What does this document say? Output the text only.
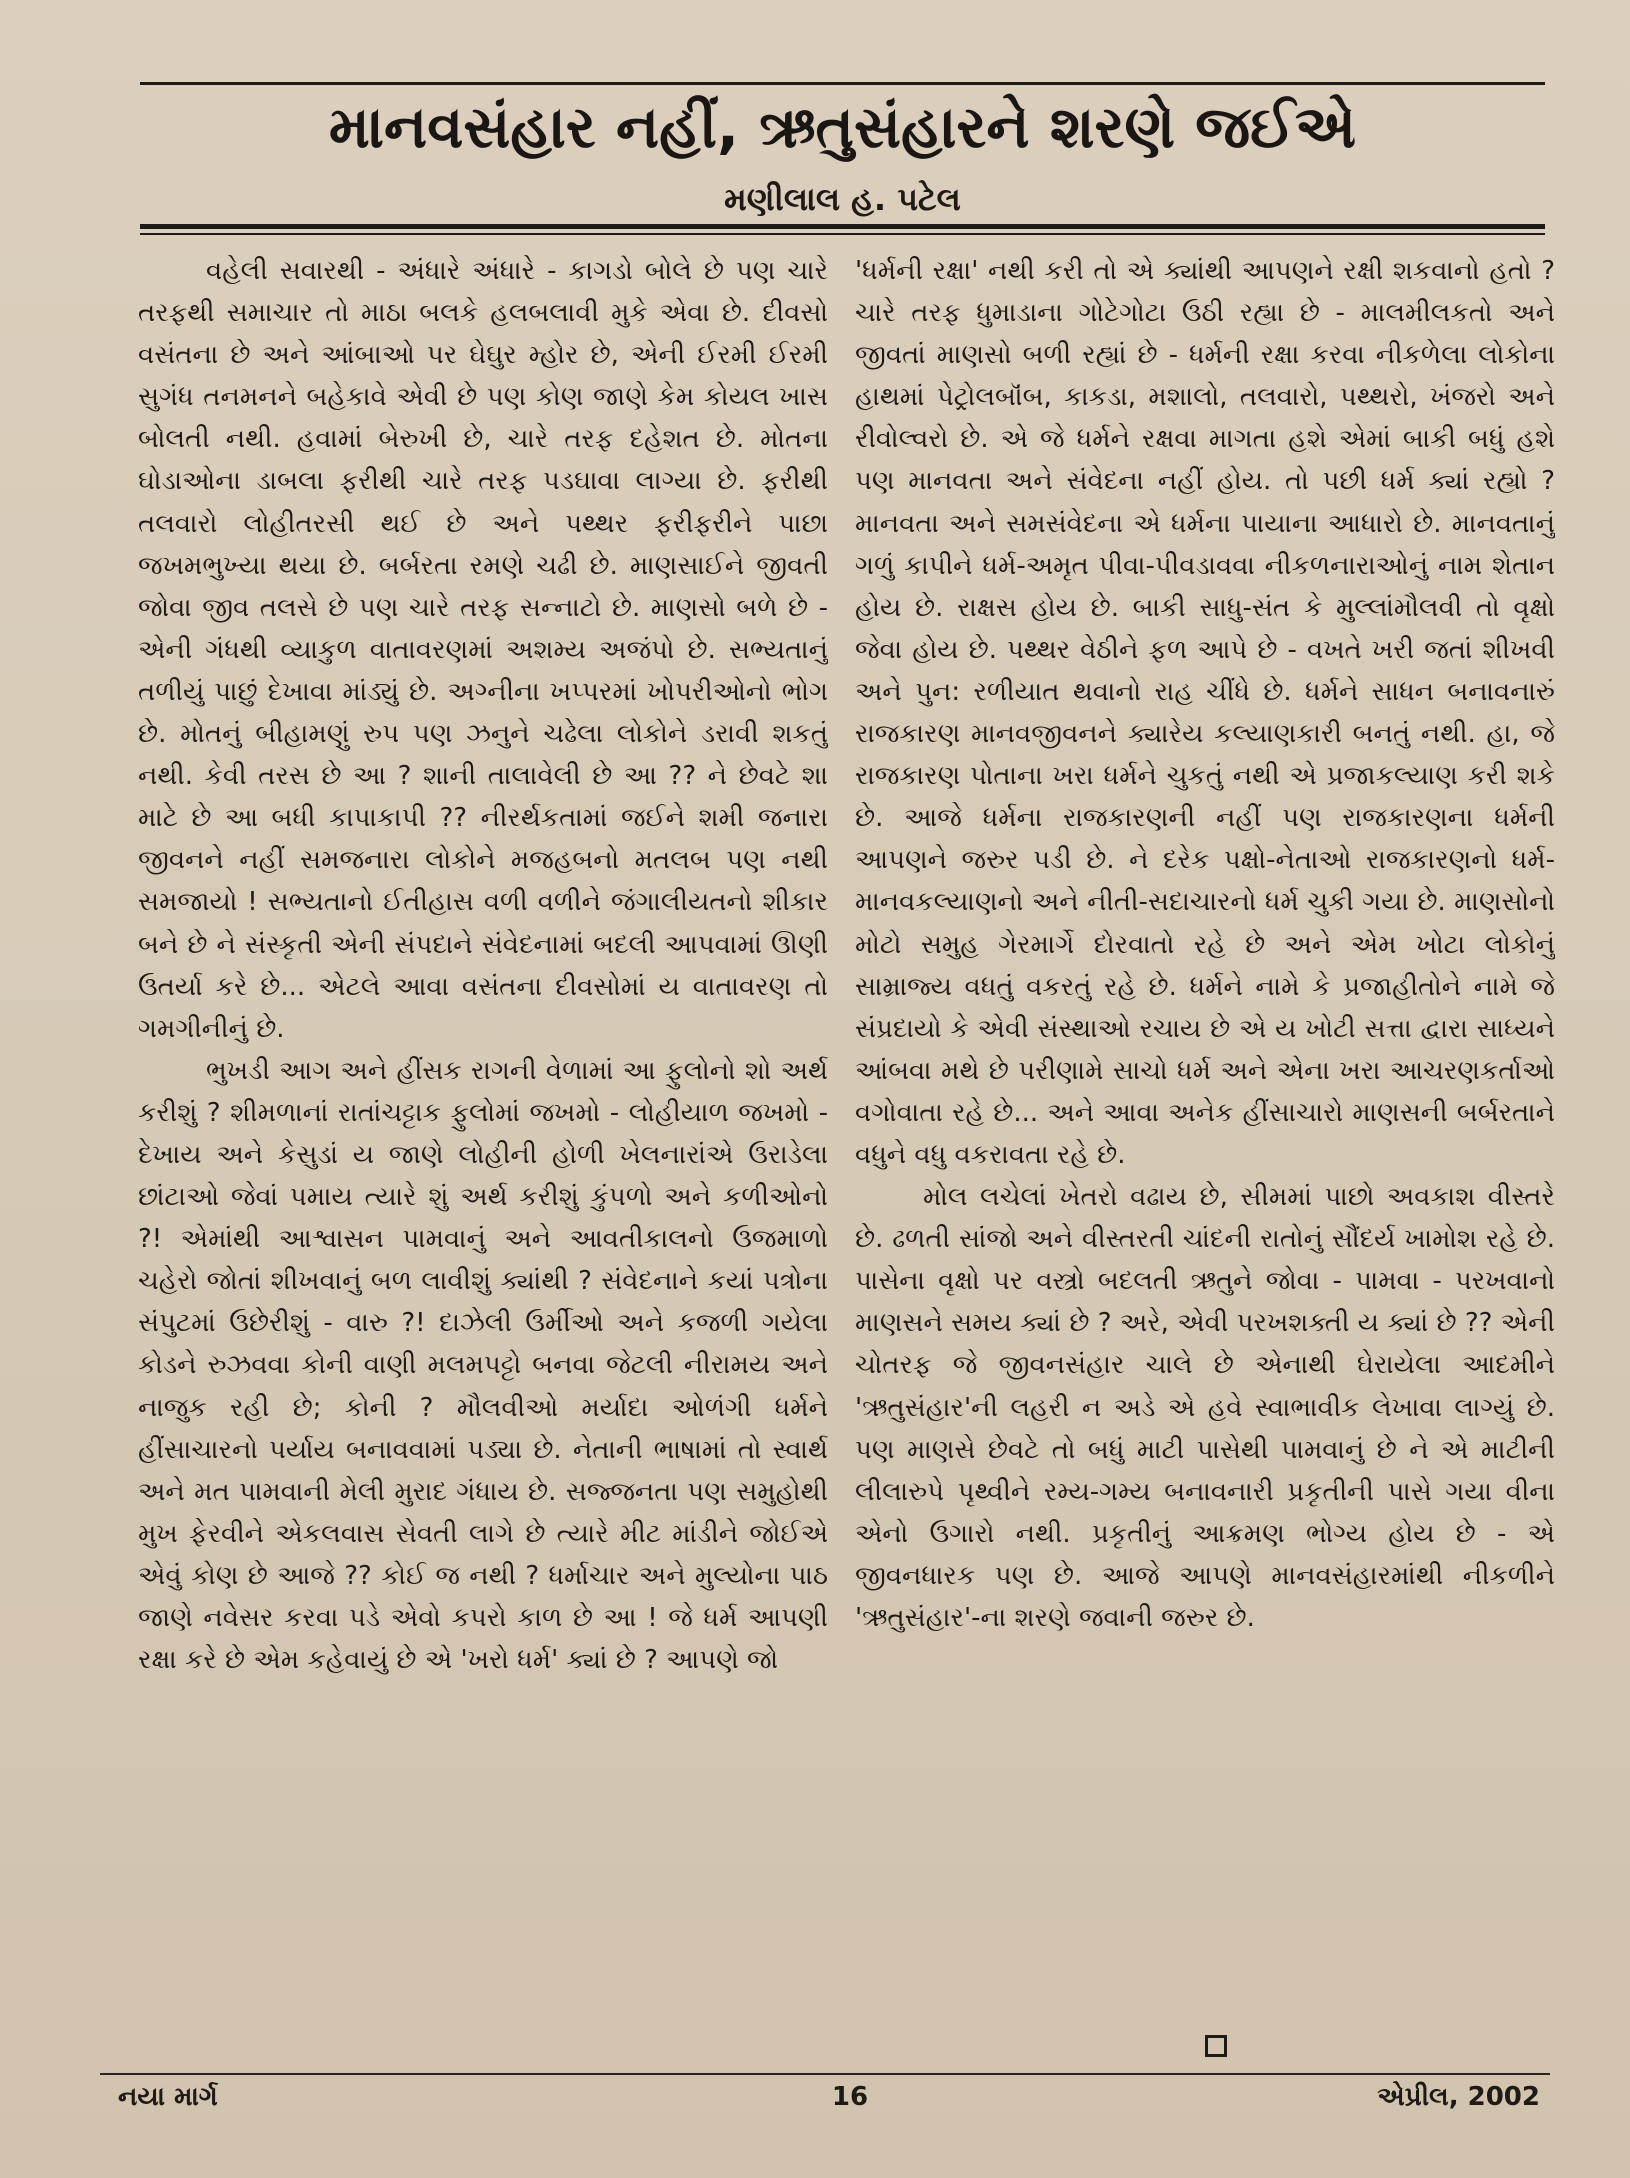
માનવસંહાર નહીં, ઋતુસંહારને શરણે જઈએ
મણીલાલ હ. પટેલ

વહેલી સવારથી - અંધારે અંધારે - કાગડો બોલે છે પણ ચારે તરફથી સમાચાર તો માઠા બલકે હલબલાવી મુકે એવા છે. દીવસો વસંતના છે અને આંબાઓ પર ઘેઘુર મ્હોર છે, એની ઈરમી ઈરમી સુગંધ તનમનને બહેકાવે એવી છે પણ કોણ જાણે કેમ કોયલ ખાસ બોલતી નથી. હવામાં બેરુખી છે, ચારે તરફ દહેશત છે. મોતના ઘોડાઓના ડાબલા ફરીથી ચારે તરફ પડઘાવા લાગ્યા છે. ફરીથી તલવારો લોહીતરસી થઈ છે અને પથ્થર ફરીફરીને પાછા જખમભુખ્યા થયા છે. બર્બરતા રમણે ચઢી છે. માણસાઈને જીવતી જોવા જીવ તલસે છે પણ ચારે તરફ સન્નાટો છે. માણસો બળે છે - એની ગંધથી વ્યાકુળ વાતાવરણમાં અશમ્ય અજંપો છે. સભ્યતાનું તળીયું પાછું દેખાવા માંડ્યું છે. અગ્નીના ખપ્પરમાં ખોપરીઓનો ભોગ છે. મોતનું બીહામણું રુપ પણ ઝનુને ચઢેલા લોકોને ડરાવી શકતું નથી. કેવી તરસ છે આ ? શાની તાલાવેલી છે આ ?? ને છેવટે શા માટે છે આ બધી કાપાકાપી ?? નીરર્થકતામાં જઈને શમી જનારા જીવનને નહીં સમજનારા લોકોને મજહબનો મતલબ પણ નથી સમજાયો ! સભ્યતાનો ઈતીહાસ વળી વળીને જંગાલીયતનો શીકાર બને છે ને સંસ્કૃતી એની સંપદાને સંવેદનામાં બદલી આપવામાં ઊણી ઉતર્યા કરે છે... એટલે આવા વસંતના દીવસોમાં ય વાતાવરણ તો ગમગીનીનું છે.

ભુખડી આગ અને હીંસક રાગની વેળામાં આ ફુલોનો શો અર્થ કરીશું ? શીમળાનાં રાતાંચટ્ટાક ફુલોમાં જખમો - લોહીયાળ જખમો - દેખાય અને કેસુડાં ય જાણે લોહીની હોળી ખેલનારાંએ ઉરાડેલા છાંટાઓ જેવાં પમાય ત્યારે શું અર્થ કરીશું કુંપળો અને કળીઓનો ?! એમાંથી આશ્વાસન પામવાનું અને આવતીકાલનો ઉજમાળો ચહેરો જોતાં શીખવાનું બળ લાવીશું ક્યાંથી ? સંવેદનાને કયાં પત્રોના સંપુટમાં ઉછેરીશું - વારુ ?! દાઝેલી ઉર્મીઓ અને કજળી ગયેલા કોડને રુઝવવા કોની વાણી મલમપટ્ટો બનવા જેટલી નીરામય અને નાજુક રહી છે; કોની ? મૌલવીઓ મર્યાદા ઓળંગી ધર્મને હીંસાચારનો પર્યાય બનાવવામાં પડ્યા છે. નેતાની ભાષામાં તો સ્વાર્થ અને મત પામવાની મેલી મુરાદ ગંધાય છે. સજ્જનતા પણ સમુહોથી મુખ ફેરવીને એકલવાસ સેવતી લાગે છે ત્યારે મીટ માંડીને જોઈએ એવું કોણ છે આજે ?? કોઈ જ નથી ? ધર્માચાર અને મુલ્યોના પાઠ જાણે નવેસર કરવા પડે એવો કપરો કાળ છે આ ! જે ધર્મ આપણી રક્ષા કરે છે એમ કહેવાયું છે એ 'ખરો ધર્મ' ક્યાં છે ? આપણે જો

'ધર્મની રક્ષા' નથી કરી તો એ ક્યાંથી આપણને રક્ષી શકવાનો હતો ? ચારે તરફ ધુમાડાના ગોટેગોટા ઉઠી રહ્યા છે - માલમીલકતો અને જીવતાં માણસો બળી રહ્યાં છે - ધર્મની રક્ષા કરવા નીકળેલા લોકોના હાથમાં પેટ્રોલબૉંબ, કાકડા, મશાલો, તલવારો, પથ્થરો, ખંજરો અને રીવોલ્વરો છે. એ જે ધર્મને રક્ષવા માગતા હશે એમાં બાકી બધું હશે પણ માનવતા અને સંવેદના નહીં હોય. તો પછી ધર્મ ક્યાં રહ્યો ? માનવતા અને સમસંવેદના એ ધર્મના પાયાના આધારો છે. માનવતાનું ગળું કાપીને ધર્મ-અમૃત પીવા-પીવડાવવા નીકળનારાઓનું નામ શેતાન હોય છે. રાક્ષસ હોય છે. બાકી સાધુ-સંત કે મુલ્લાંમૌલવી તો વૃક્ષો જેવા હોય છે. પથ્થર વેઠીને ફળ આપે છે - વખતે ખરી જતાં શીખવી અને પુન: રળીયાત થવાનો રાહ ચીંધે છે. ધર્મને સાધન બનાવનારું રાજકારણ માનવજીવનને ક્યારેય કલ્યાણકારી બનતું નથી. હા, જે રાજકારણ પોતાના ખરા ધર્મને ચુકતું નથી એ પ્રજાકલ્યાણ કરી શકે છે. આજે ધર્મના રાજકારણની નહીં પણ રાજકારણના ધર્મની આપણને જરુર પડી છે. ને દરેક પક્ષો-નેતાઓ રાજકારણનો ધર્મ-માનવકલ્યાણનો અને નીતી-સદાચારનો ધર્મ ચુકી ગયા છે. માણસોનો મોટો સમુહ ગેરમાર્ગે દોરવાતો રહે છે અને એમ ખોટા લોકોનું સામ્રાજ્ય વધતું વકરતું રહે છે. ધર્મને નામે કે પ્રજાહીતોને નામે જે સંપ્રદાયો કે એવી સંસ્થાઓ રચાય છે એ ય ખોટી સત્તા દ્વારા સાધ્યને આંબવા મથે છે પરીણામે સાચો ધર્મ અને એના ખરા આચરણકર્તાઓ વગોવાતા રહે છે... અને આવા અનેક હીંસાચારો માણસની બર્બરતાને વધુને વધુ વકરાવતા રહે છે.

મોલ લચેલાં ખેતરો વઢાય છે, સીમમાં પાછો અવકાશ વીસ્તરે છે. ઢળતી સાંજો અને વીસ્તરતી ચાંદની રાતોનું સૌંદર્ય ખામોશ રહે છે. પાસેના વૃક્ષો પર વસ્ત્રો બદલતી ઋતુને જોવા - પામવા - પરખવાનો માણસને સમય ક્યાં છે ? અરે, એવી પરખશક્તી ય ક્યાં છે ?? એની ચોતરફ જે જીવનસંહાર ચાલે છે એનાથી ઘેરાયેલા આદમીને 'ઋતુસંહાર'ની લહરી ન અડે એ હવે સ્વાભાવીક લેખાવા લાગ્યું છે. પણ માણસે છેવટે તો બધું માટી પાસેથી પામવાનું છે ને એ માટીની લીલારુપે પૃથ્વીને રમ્ય-ગમ્ય બનાવનારી પ્રકૃતીની પાસે ગયા વીના એનો ઉગારો નથી. પ્રકૃતીનું આક્રમણ ભોગ્ય હોય છે - એ જીવનધારક પણ છે. આજે આપણે માનવસંહારમાંથી નીકળીને 'ઋતુસંહાર'-ના શરણે જવાની જરુર છે.

નયા માર્ગ	16	એપ્રીલ, 2002
